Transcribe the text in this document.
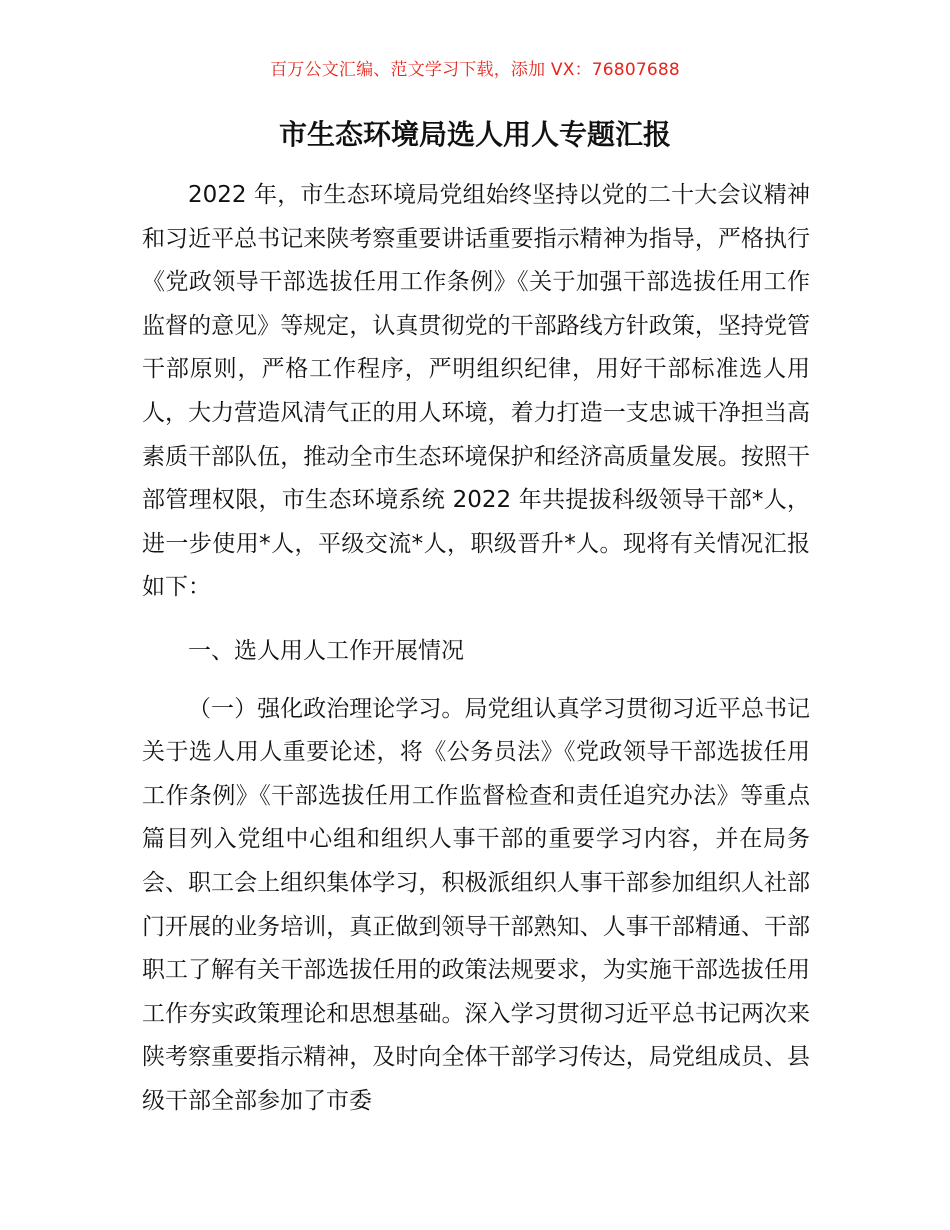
百万公文汇编、范文学习下载，添加 VX：76807688
市生态环境局选人用人专题汇报

2022 年，市生态环境局党组始终坚持以党的二十大会议精神和习近平总书记来陕考察重要讲话重要指示精神为指导，严格执行《党政领导干部选拔任用工作条例》《关于加强干部选拔任用工作监督的意见》等规定，认真贯彻党的干部路线方针政策，坚持党管干部原则，严格工作程序，严明组织纪律，用好干部标准选人用人，大力营造风清气正的用人环境，着力打造一支忠诚干净担当高素质干部队伍，推动全市生态环境保护和经济高质量发展。按照干部管理权限，市生态环境系统 2022 年共提拔科级领导干部*人，进一步使用*人，平级交流*人，职级晋升*人。现将有关情况汇报如下：

一、选人用人工作开展情况

（一）强化政治理论学习。局党组认真学习贯彻习近平总书记关于选人用人重要论述，将《公务员法》《党政领导干部选拔任用工作条例》《干部选拔任用工作监督检查和责任追究办法》等重点篇目列入党组中心组和组织人事干部的重要学习内容，并在局务会、职工会上组织集体学习，积极派组织人事干部参加组织人社部门开展的业务培训，真正做到领导干部熟知、人事干部精通、干部职工了解有关干部选拔任用的政策法规要求，为实施干部选拔任用工作夯实政策理论和思想基础。深入学习贯彻习近平总书记两次来陕考察重要指示精神，及时向全体干部学习传达，局党组成员、县级干部全部参加了市委
